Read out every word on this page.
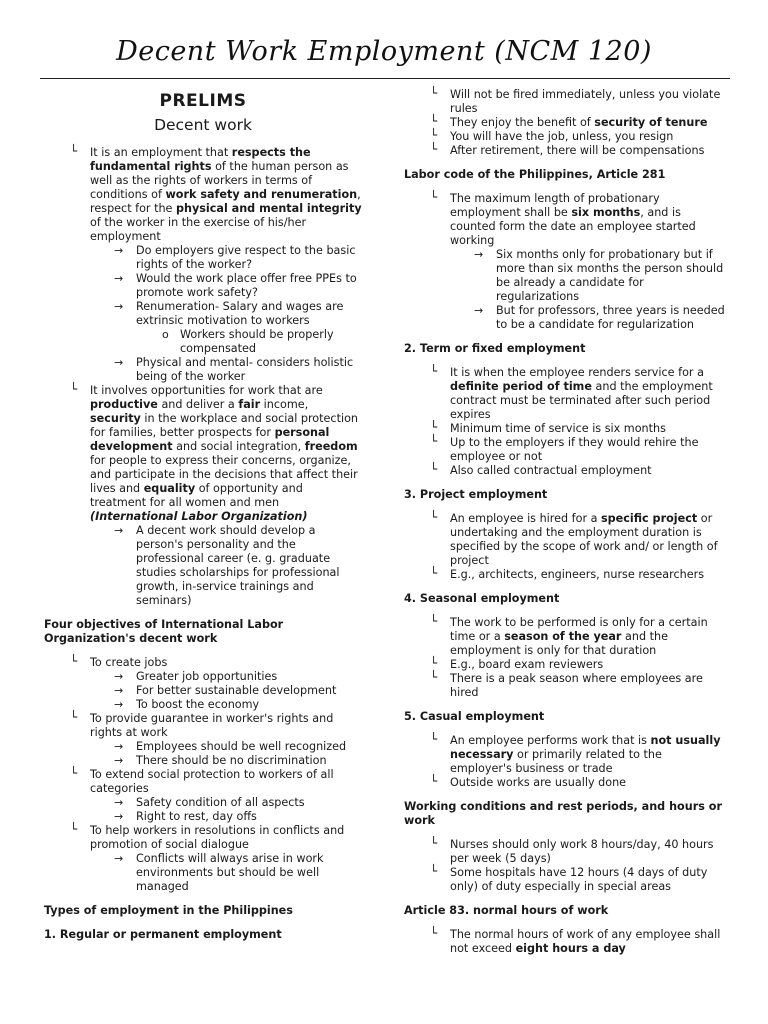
Decent Work Employment (NCM 120)
PRELIMS
Decent work
└ It is an employment that respects the fundamental rights of the human person as well as the rights of workers in terms of conditions of work safety and renumeration, respect for the physical and mental integrity of the worker in the exercise of his/her employment
→ Do employers give respect to the basic rights of the worker?
→ Would the work place offer free PPEs to promote work safety?
→ Renumeration- Salary and wages are extrinsic motivation to workers
o Workers should be properly compensated
→ Physical and mental- considers holistic being of the worker
└ It involves opportunities for work that are productive and deliver a fair income, security in the workplace and social protection for families, better prospects for personal development and social integration, freedom for people to express their concerns, organize, and participate in the decisions that affect their lives and equality of opportunity and treatment for all women and men (International Labor Organization)
→ A decent work should develop a person's personality and the professional career (e. g. graduate studies scholarships for professional growth, in-service trainings and seminars)
Four objectives of International Labor Organization's decent work
└ To create jobs
→ Greater job opportunities
→ For better sustainable development
→ To boost the economy
└ To provide guarantee in worker's rights and rights at work
→ Employees should be well recognized
→ There should be no discrimination
└ To extend social protection to workers of all categories
→ Safety condition of all aspects
→ Right to rest, day offs
└ To help workers in resolutions in conflicts and promotion of social dialogue
→ Conflicts will always arise in work environments but should be well managed
Types of employment in the Philippines
1. Regular or permanent employment
└ Will not be fired immediately, unless you violate rules
└ They enjoy the benefit of security of tenure
└ You will have the job, unless, you resign
└ After retirement, there will be compensations
Labor code of the Philippines, Article 281
└ The maximum length of probationary employment shall be six months, and is counted form the date an employee started working
→ Six months only for probationary but if more than six months the person should be already a candidate for regularizations
→ But for professors, three years is needed to be a candidate for regularization
2. Term or fixed employment
└ It is when the employee renders service for a definite period of time and the employment contract must be terminated after such period expires
└ Minimum time of service is six months
└ Up to the employers if they would rehire the employee or not
└ Also called contractual employment
3. Project employment
└ An employee is hired for a specific project or undertaking and the employment duration is specified by the scope of work and/ or length of project
└ E.g., architects, engineers, nurse researchers
4. Seasonal employment
└ The work to be performed is only for a certain time or a season of the year and the employment is only for that duration
└ E.g., board exam reviewers
└ There is a peak season where employees are hired
5. Casual employment
└ An employee performs work that is not usually necessary or primarily related to the employer's business or trade
└ Outside works are usually done
Working conditions and rest periods, and hours or work
└ Nurses should only work 8 hours/day, 40 hours per week (5 days)
└ Some hospitals have 12 hours (4 days of duty only) of duty especially in special areas
Article 83. normal hours of work
└ The normal hours of work of any employee shall not exceed eight hours a day
